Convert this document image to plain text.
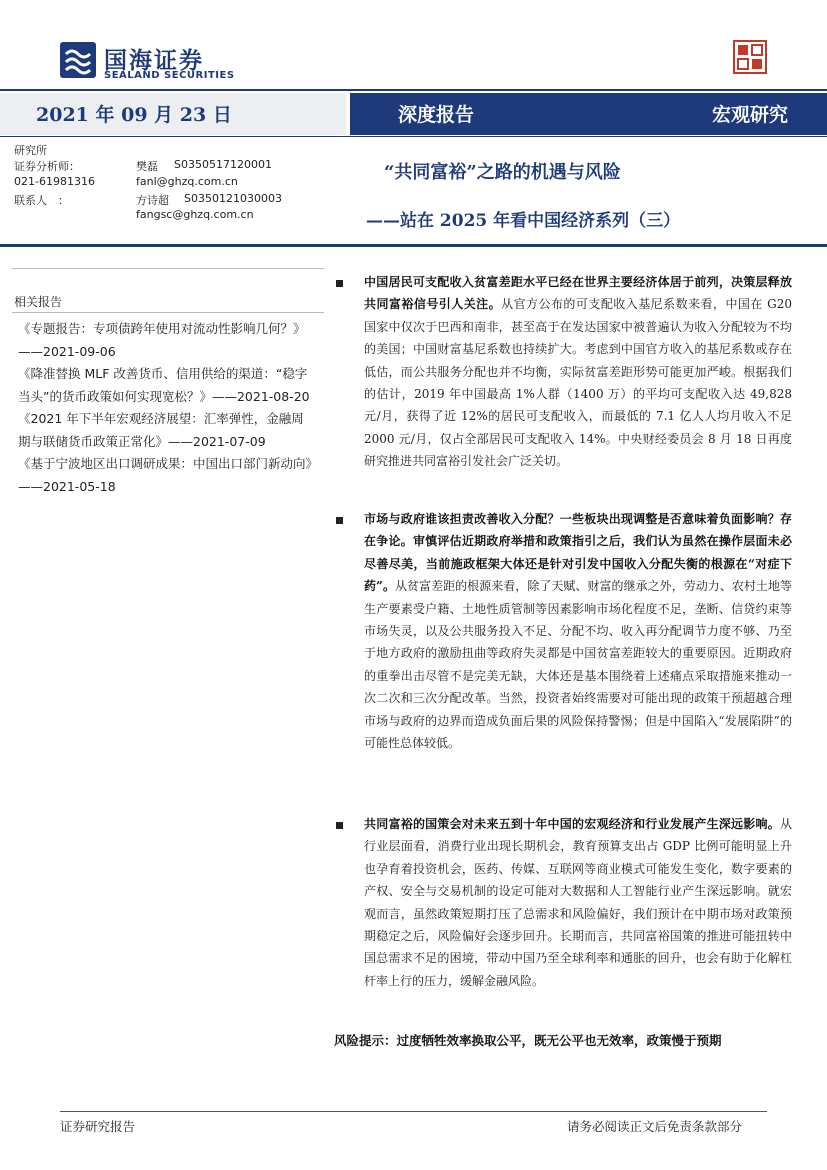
国海证券
SEALAND SECURITIES
2021 年 09 月 23 日	深度报告	宏观研究
研究所
证券分析师：	樊磊 S0350517120001
021-61981316	fanl@ghzq.com.cn
联系人　：	方诗超 S0350121030003
fangsc@ghzq.com.cn
“共同富裕”之路的机遇与风险
——站在 2025 年看中国经济系列（三）
相关报告

《专题报告：专项债跨年使用对流动性影响几何？》——2021-09-06

《降准替换 MLF 改善货币、信用供给的渠道：“稳字当头”的货币政策如何实现宽松？》——2021-08-20

《2021 年下半年宏观经济展望：汇率弹性，金融周期与联储货币政策正常化》——2021-07-09

《基于宁波地区出口调研成果：中国出口部门新动向》——2021-05-18

中国居民可支配收入贫富差距水平已经在世界主要经济体居于前列，决策层释放共同富裕信号引人关注。从官方公布的可支配收入基尼系数来看，中国在 G20 国家中仅次于巴西和南非，甚至高于在发达国家中被普遍认为收入分配较为不均的美国；中国财富基尼系数也持续扩大。考虑到中国官方收入的基尼系数或存在低估，而公共服务分配也并不均衡，实际贫富差距形势可能更加严峻。根据我们的估计，2019 年中国最高 1%人群（1400 万）的平均可支配收入达 49,828 元/月，获得了近 12%的居民可支配收入，而最低的 7.1 亿人人均月收入不足 2000 元/月，仅占全部居民可支配收入 14%。中央财经委员会 8 月 18 日再度研究推进共同富裕引发社会广泛关切。
市场与政府谁该担责改善收入分配？一些板块出现调整是否意味着负面影响？存在争论。审慎评估近期政府举措和政策指引之后，我们认为虽然在操作层面未必尽善尽美，当前施政框架大体还是针对引发中国收入分配失衡的根源在“对症下药”。从贫富差距的根源来看，除了天赋、财富的继承之外，劳动力、农村土地等生产要素受户籍、土地性质管制等因素影响市场化程度不足，垄断、信贷约束等市场失灵，以及公共服务投入不足、分配不均、收入再分配调节力度不够、乃至于地方政府的激励扭曲等政府失灵都是中国贫富差距较大的重要原因。近期政府的重拳出击尽管不是完美无缺，大体还是基本围绕着上述痛点采取措施来推动一次二次和三次分配改革。当然，投资者始终需要对可能出现的政策干预超越合理市场与政府的边界而造成负面后果的风险保持警惕；但是中国陷入“发展陷阱”的可能性总体较低。
共同富裕的国策会对未来五到十年中国的宏观经济和行业发展产生深远影响。从行业层面看，消费行业出现长期机会，教育预算支出占 GDP 比例可能明显上升也孕育着投资机会，医药、传媒、互联网等商业模式可能发生变化，数字要素的产权、安全与交易机制的设定可能对大数据和人工智能行业产生深远影响。就宏观而言，虽然政策短期打压了总需求和风险偏好，我们预计在中期市场对政策预期稳定之后，风险偏好会逐步回升。长期而言，共同富裕国策的推进可能扭转中国总需求不足的困境，带动中国乃至全球利率和通胀的回升，也会有助于化解杠杆率上行的压力，缓解金融风险。
风险提示：过度牺牲效率换取公平，既无公平也无效率，政策慢于预期
证券研究报告	请务必阅读正文后免责条款部分
